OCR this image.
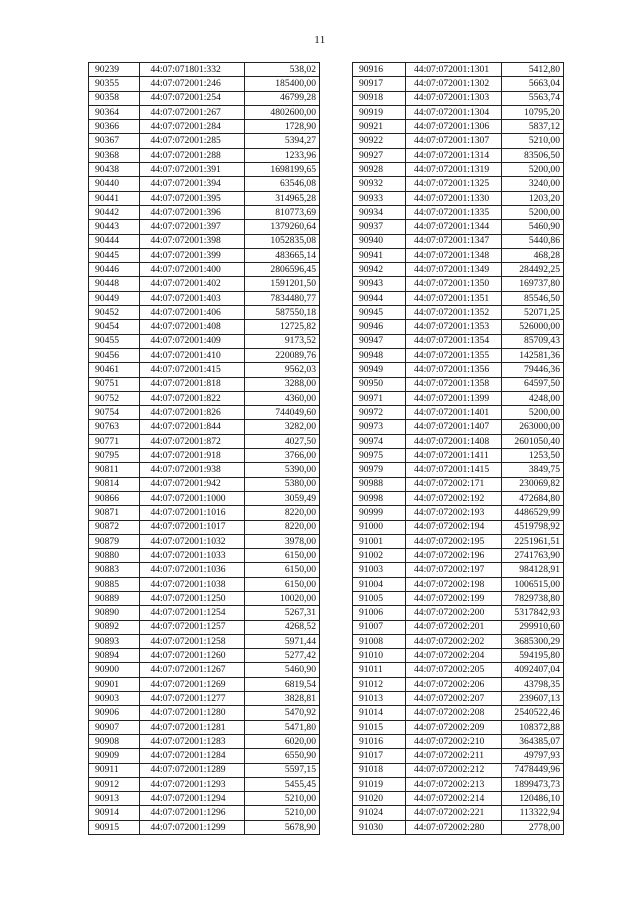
11
90239	44:07:071801:332	538,02
90355	44:07:072001:246	185400,00
90358	44:07:072001:254	46799,28
90364	44:07:072001:267	4802600,00
90366	44:07:072001:284	1728,90
90367	44:07:072001:285	5394,27
90368	44:07:072001:288	1233,96
90438	44:07:072001:391	1698199,65
90440	44:07:072001:394	63546,08
90441	44:07:072001:395	314965,28
90442	44:07:072001:396	810773,69
90443	44:07:072001:397	1379260,64
90444	44:07:072001:398	1052835,08
90445	44:07:072001:399	483665,14
90446	44:07:072001:400	2806596,45
90448	44:07:072001:402	1591201,50
90449	44:07:072001:403	7834480,77
90452	44:07:072001:406	587550,18
90454	44:07:072001:408	12725,82
90455	44:07:072001:409	9173,52
90456	44:07:072001:410	220089,76
90461	44:07:072001:415	9562,03
90751	44:07:072001:818	3288,00
90752	44:07:072001:822	4360,00
90754	44:07:072001:826	744049,60
90763	44:07:072001:844	3282,00
90771	44:07:072001:872	4027,50
90795	44:07:072001:918	3766,00
90811	44:07:072001:938	5390,00
90814	44:07:072001:942	5380,00
90866	44:07:072001:1000	3059,49
90871	44:07:072001:1016	8220,00
90872	44:07:072001:1017	8220,00
90879	44:07:072001:1032	3978,00
90880	44:07:072001:1033	6150,00
90883	44:07:072001:1036	6150,00
90885	44:07:072001:1038	6150,00
90889	44:07:072001:1250	10020,00
90890	44:07:072001:1254	5267,31
90892	44:07:072001:1257	4268,52
90893	44:07:072001:1258	5971,44
90894	44:07:072001:1260	5277,42
90900	44:07:072001:1267	5460,90
90901	44:07:072001:1269	6819,54
90903	44:07:072001:1277	3828,81
90906	44:07:072001:1280	5470,92
90907	44:07:072001:1281	5471,80
90908	44:07:072001:1283	6020,00
90909	44:07:072001:1284	6550,90
90911	44:07:072001:1289	5597,15
90912	44:07:072001:1293	5455,45
90913	44:07:072001:1294	5210,00
90914	44:07:072001:1296	5210,00
90915	44:07:072001:1299	5678,90
90916	44:07:072001:1301	5412,80
90917	44:07:072001:1302	5663,04
90918	44:07:072001:1303	5563,74
90919	44:07:072001:1304	10795,20
90921	44:07:072001:1306	5837,12
90922	44:07:072001:1307	5210,00
90927	44:07:072001:1314	83506,50
90928	44:07:072001:1319	5200,00
90932	44:07:072001:1325	3240,00
90933	44:07:072001:1330	1203,20
90934	44:07:072001:1335	5200,00
90937	44:07:072001:1344	5460,90
90940	44:07:072001:1347	5440,86
90941	44:07:072001:1348	468,28
90942	44:07:072001:1349	284492,25
90943	44:07:072001:1350	169737,80
90944	44:07:072001:1351	85546,50
90945	44:07:072001:1352	52071,25
90946	44:07:072001:1353	526000,00
90947	44:07:072001:1354	85709,43
90948	44:07:072001:1355	142581,36
90949	44:07:072001:1356	79446,36
90950	44:07:072001:1358	64597,50
90971	44:07:072001:1399	4248,00
90972	44:07:072001:1401	5200,00
90973	44:07:072001:1407	263000,00
90974	44:07:072001:1408	2601050,40
90975	44:07:072001:1411	1253,50
90979	44:07:072001:1415	3849,75
90988	44:07:072002:171	230069,82
90998	44:07:072002:192	472684,80
90999	44:07:072002:193	4486529,99
91000	44:07:072002:194	4519798,92
91001	44:07:072002:195	2251961,51
91002	44:07:072002:196	2741763,90
91003	44:07:072002:197	984128,91
91004	44:07:072002:198	1006515,00
91005	44:07:072002:199	7829738,80
91006	44:07:072002:200	5317842,93
91007	44:07:072002:201	299910,60
91008	44:07:072002:202	3685300,29
91010	44:07:072002:204	594195,80
91011	44:07:072002:205	4092407,04
91012	44:07:072002:206	43798,35
91013	44:07:072002:207	239607,13
91014	44:07:072002:208	2540522,46
91015	44:07:072002:209	108372,88
91016	44:07:072002:210	364385,07
91017	44:07:072002:211	49797,93
91018	44:07:072002:212	7478449,96
91019	44:07:072002:213	1899473,73
91020	44:07:072002:214	120486,10
91024	44:07:072002:221	113322,94
91030	44:07:072002:280	2778,00
